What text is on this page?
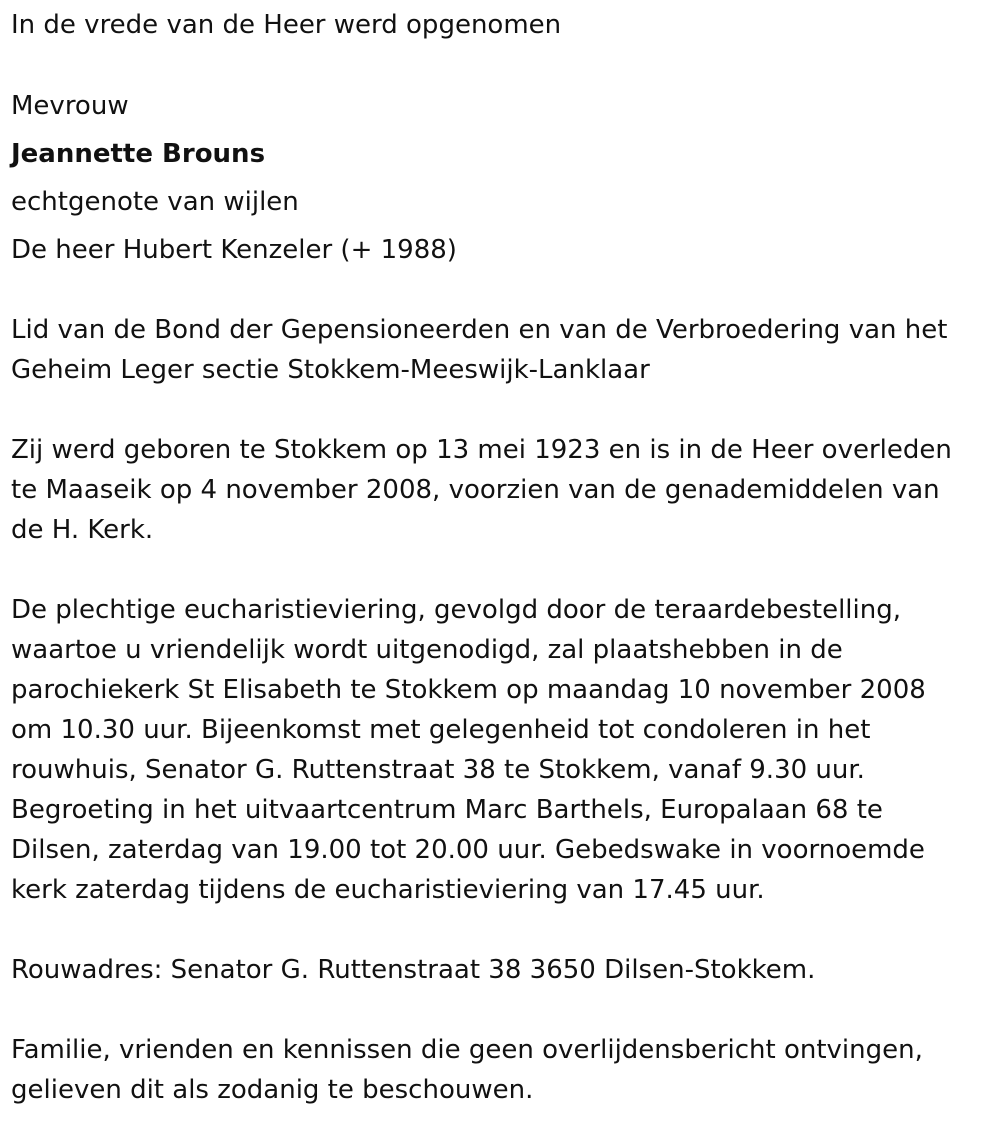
In de vrede van de Heer werd opgenomen
Mevrouw
Jeannette Brouns
echtgenote van wijlen
De heer Hubert Kenzeler (+ 1988)
Lid van de Bond der Gepensioneerden en van de Verbroedering van het
Geheim Leger sectie Stokkem-Meeswijk-Lanklaar
Zij werd geboren te Stokkem op 13 mei 1923 en is in de Heer overleden
te Maaseik op 4 november 2008, voorzien van de genademiddelen van
de H. Kerk.
De plechtige eucharistieviering, gevolgd door de teraardebestelling,
waartoe u vriendelijk wordt uitgenodigd, zal plaatshebben in de
parochiekerk St Elisabeth te Stokkem op maandag 10 november 2008
om 10.30 uur. Bijeenkomst met gelegenheid tot condoleren in het
rouwhuis, Senator G. Ruttenstraat 38 te Stokkem, vanaf 9.30 uur.
Begroeting in het uitvaartcentrum Marc Barthels, Europalaan 68 te
Dilsen, zaterdag van 19.00 tot 20.00 uur. Gebedswake in voornoemde
kerk zaterdag tijdens de eucharistieviering van 17.45 uur.
Rouwadres: Senator G. Ruttenstraat 38 3650 Dilsen-Stokkem.
Familie, vrienden en kennissen die geen overlijdensbericht ontvingen,
gelieven dit als zodanig te beschouwen.
